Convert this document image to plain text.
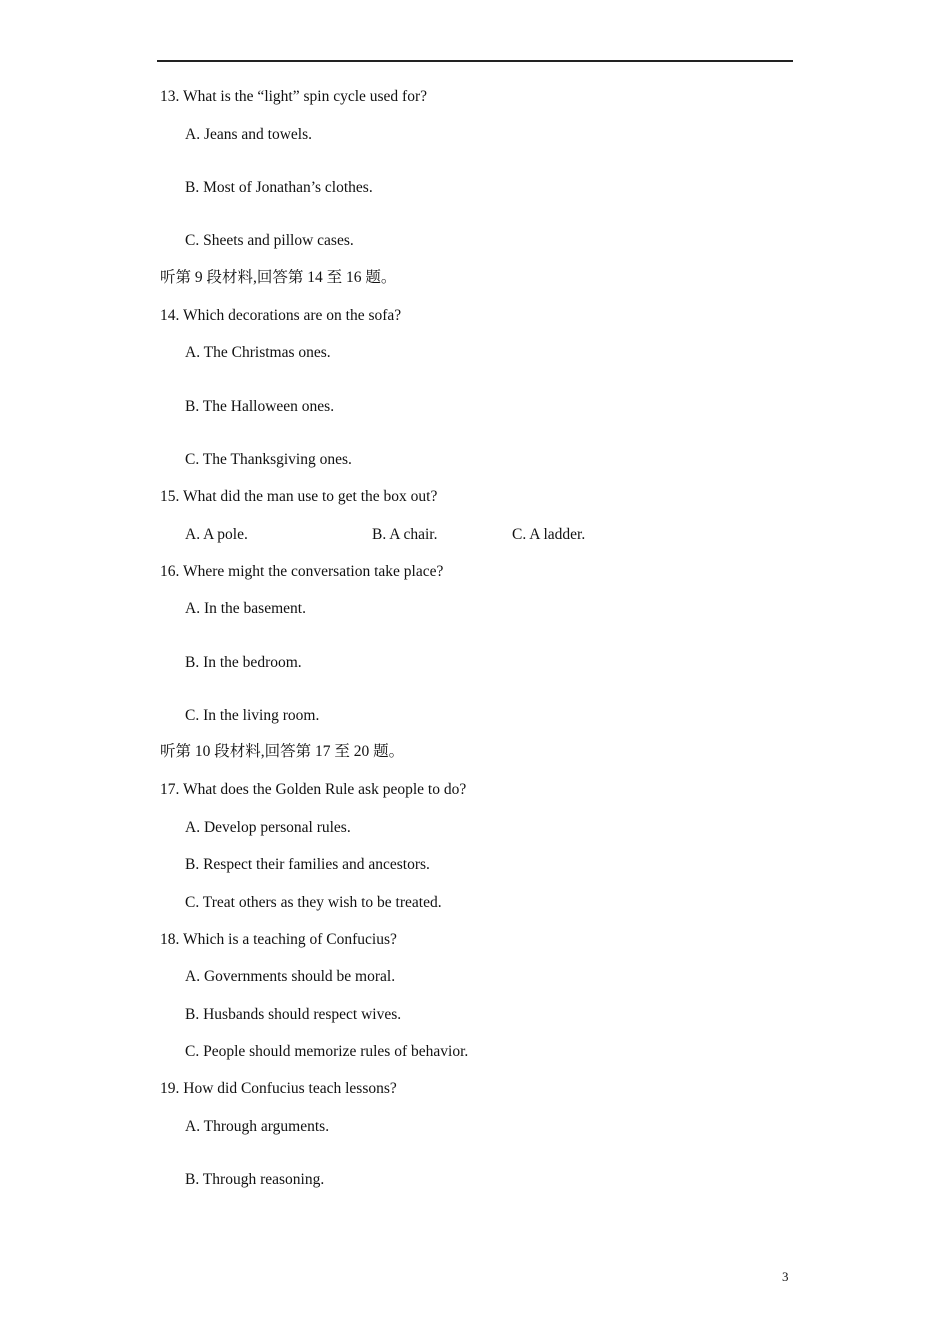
13. What is the “light” spin cycle used for?
A. Jeans and towels.
B. Most of Jonathan’s clothes.
C. Sheets and pillow cases.
听第 9 段材料,回答第 14 至 16 题。
14. Which decorations are on the sofa?
A. The Christmas ones.
B. The Halloween ones.
C. The Thanksgiving ones.
15. What did the man use to get the box out?
A. A pole.	B. A chair.	C. A ladder.
16. Where might the conversation take place?
A. In the basement.
B. In the bedroom.
C. In the living room.
听第 10 段材料,回答第 17 至 20 题。
17. What does the Golden Rule ask people to do?
A. Develop personal rules.
B. Respect their families and ancestors.
C. Treat others as they wish to be treated.
18. Which is a teaching of Confucius?
A. Governments should be moral.
B. Husbands should respect wives.
C. People should memorize rules of behavior.
19. How did Confucius teach lessons?
A. Through arguments.
B. Through reasoning.
3
